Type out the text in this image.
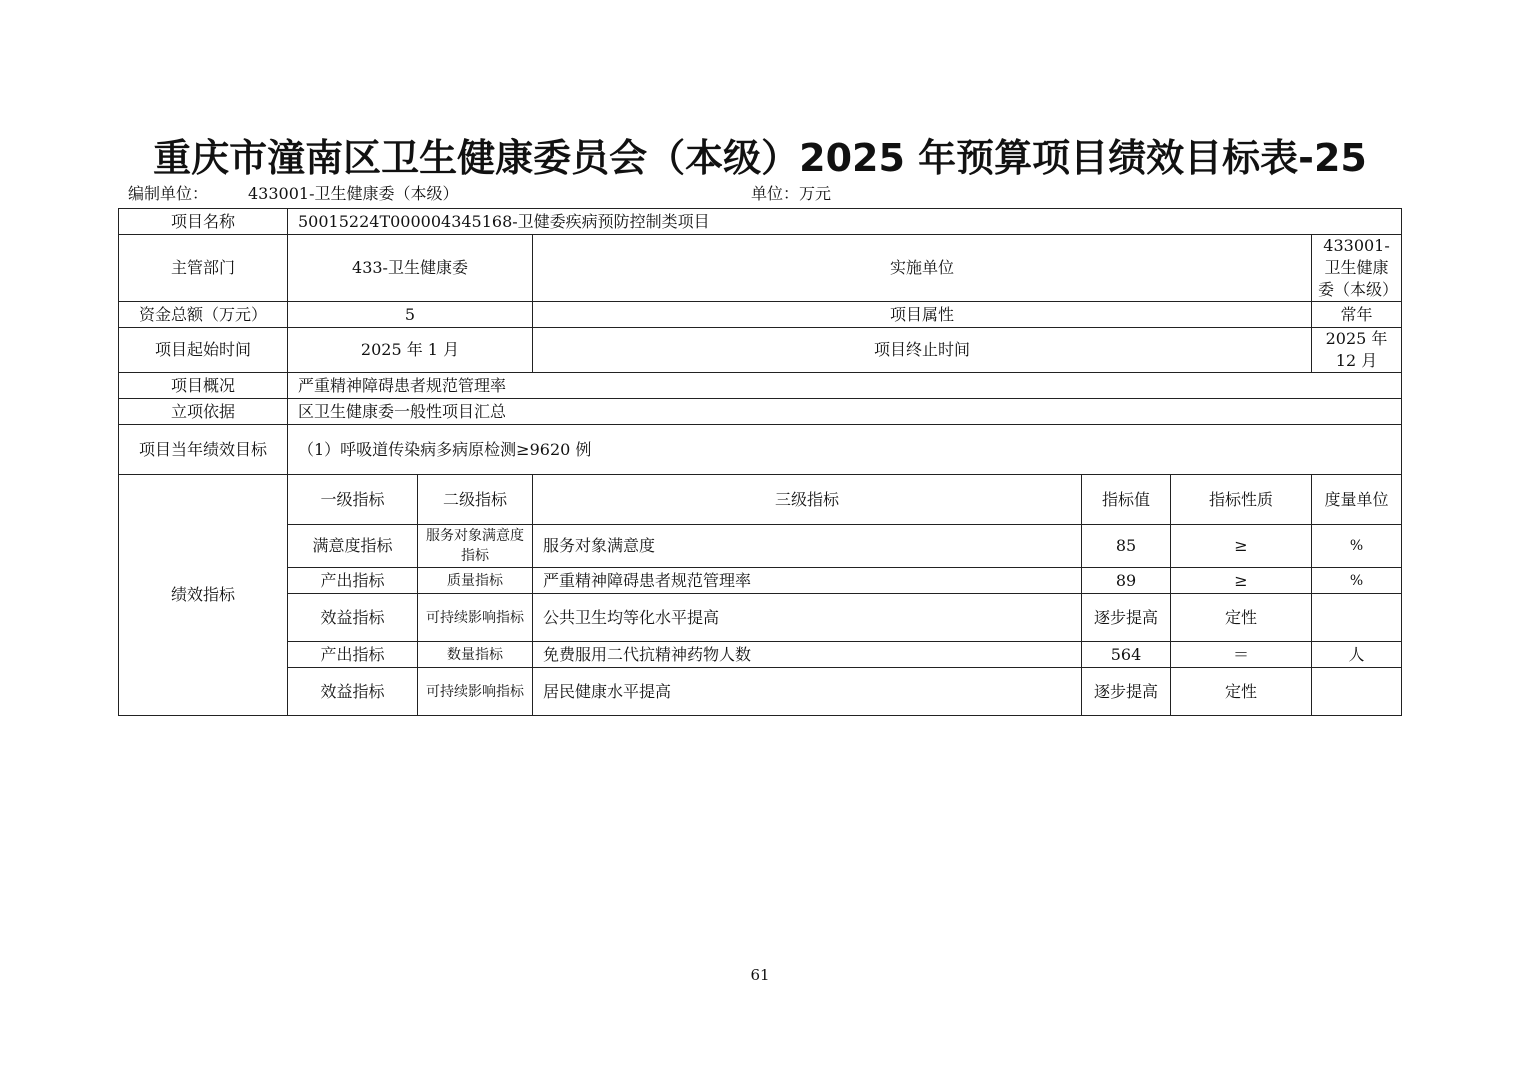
重庆市潼南区卫生健康委员会（本级）2025 年预算项目绩效目标表-25
编制单位： 433001-卫生健康委（本级）	单位：万元
项目名称	50015224T000004345168-卫健委疾病预防控制类项目					
主管部门	433-卫生健康委		实施单位			433001-卫生健康委（本级）
资金总额（万元）	5		项目属性			常年
项目起始时间	2025 年 1 月		项目终止时间			2025 年 12 月
项目概况	严重精神障碍患者规范管理率					
立项依据	区卫生健康委一般性项目汇总					
项目当年绩效目标	（1）呼吸道传染病多病原检测≥9620 例					
绩效指标	一级指标	二级指标	三级指标	指标值	指标性质	度量单位
	满意度指标	服务对象满意度指标	服务对象满意度	85	≥	%
	产出指标	质量指标	严重精神障碍患者规范管理率	89	≥	%
	效益指标	可持续影响指标	公共卫生均等化水平提高	逐步提高	定性	
	产出指标	数量指标	免费服用二代抗精神药物人数	564	＝	人
	效益指标	可持续影响指标	居民健康水平提高	逐步提高	定性	
61
